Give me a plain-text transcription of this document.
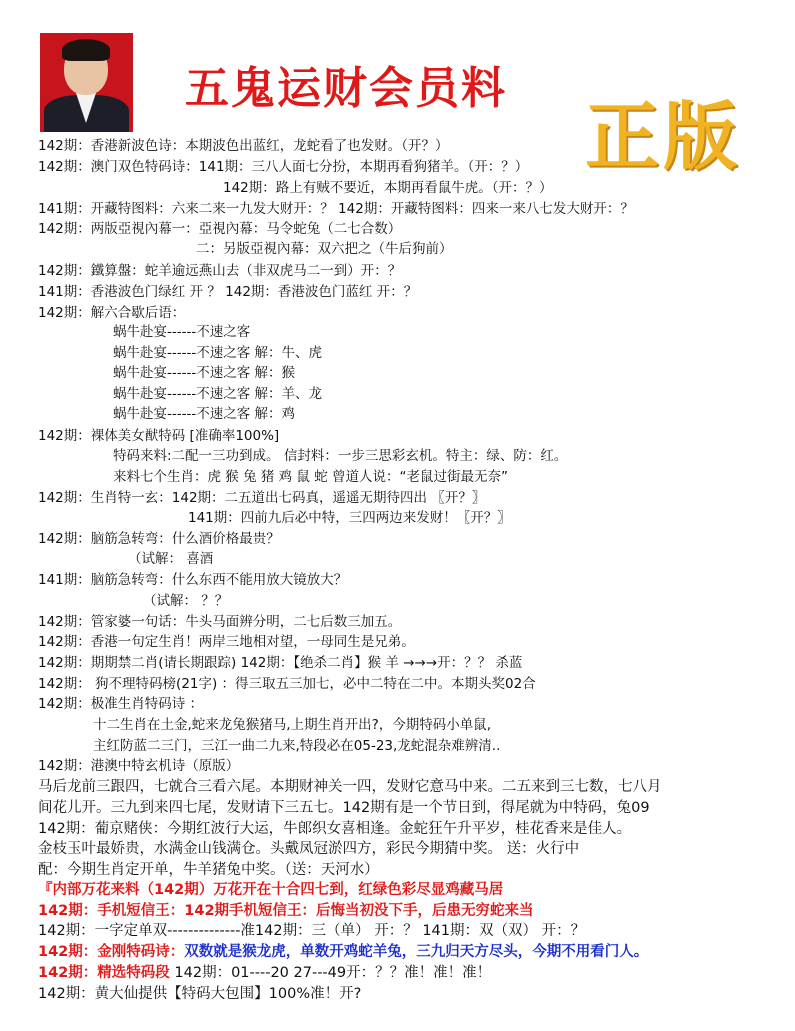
五鬼运财会员料
正版
142期：香港新波色诗：本期波色出蓝红，龙蛇看了也发财。（开？）
142期：澳门双色特码诗：141期：三八人面七分扮，本期再看狗猪羊。（开：？）
142期：路上有贼不要近，本期再看鼠牛虎。（开：？）
141期：开藏特图料：六来二来一九发大财开：？ 142期：开藏特图料：四来一来八七发大财开：？
142期：两版亞視內幕一：亞視內幕：马令蛇兔（二七合数）
二：另版亞視內幕：双六把之（牛后狗前）
142期：鐵算盤：蛇羊逾远燕山去（非双虎马二一到）开：？
141期：香港波色门绿红 开 ？ 142期：香港波色门蓝红 开：？
142期：解六合歇后语：
蜗牛赴宴------不速之客
蜗牛赴宴------不速之客 解：牛、虎
蜗牛赴宴------不速之客 解：猴
蜗牛赴宴------不速之客 解：羊、龙
蜗牛赴宴------不速之客 解：鸡
142期：裸体美女猷特码 [准确率100%]
特码来料:二配一三功到成。 信封料：一步三思彩玄机。特主：绿、防：红。
来料七个生肖：虎 猴 兔 猪 鸡 鼠 蛇 曾道人说：“老鼠过街最无奈”
142期：生肖特一玄：142期：二五道出七码真，遥遥无期待四出 〖开？〗
141期：四前九后必中特，三四两边来发财！〖开？〗
142期：脑筋急转弯：什么酒价格最贵？
（试解： 喜酒
141期：脑筋急转弯：什么东西不能用放大镜放大？
（试解： ？？
142期：管家婆一句话：牛头马面辨分明，二七后数三加五。
142期：香港一句定生肖！两岸三地相对望，一母同生是兄弟。
142期：期期禁二肖(请长期跟踪) 142期：【绝杀二肖】猴 羊 →→→开：？？ 杀蓝
142期： 狗不理特码榜(21字) ：得三取五三加七，必中二特在二中。本期头奖02合
142期：极准生肖特码诗 ：
十二生肖在土金,蛇来龙兔猴猪马,上期生肖开出?，今期特码小单鼠,
主红防蓝二三门，三江一曲二九来,特段必在05-23,龙蛇混杂难辨清..
142期：港澳中特玄机诗（原版）
马后龙前三跟四，七就合三看六尾。本期财神关一四，发财它意马中来。二五来到三七数，七八月
间花儿开。三九到来四七尾，发财请下三五七。142期有是一个节日到，得尾就为中特码，兔09
142期：葡京赌侠：今期红波行大运，牛郎织女喜相逢。金蛇狂午升平岁，桂花香来是佳人。
金枝玉叶最娇贵，水满金山钱满仓。头戴凤冠淤四方，彩民今期猜中奖。 送：火行中
配：今期生肖定开单，牛羊猪兔中奖。（送：天河水）
『内部万花来料（142期）万花开在十合四七到，红绿色彩尽显鸡藏马居
142期：手机短信王：142期手机短信王：后悔当初没下手，后患无穷蛇来当
142期：一字定单双--------------准142期：三（单） 开：？ 141期：双（双） 开：？
142期：金刚特码诗：双数就是猴龙虎，单数开鸡蛇羊兔，三九归天方尽头，今期不用看门人。
142期：精选特码段 142期：01----20 27---49开：？？准！准！准！
142期：黄大仙提供【特码大包围】100%准！开?
